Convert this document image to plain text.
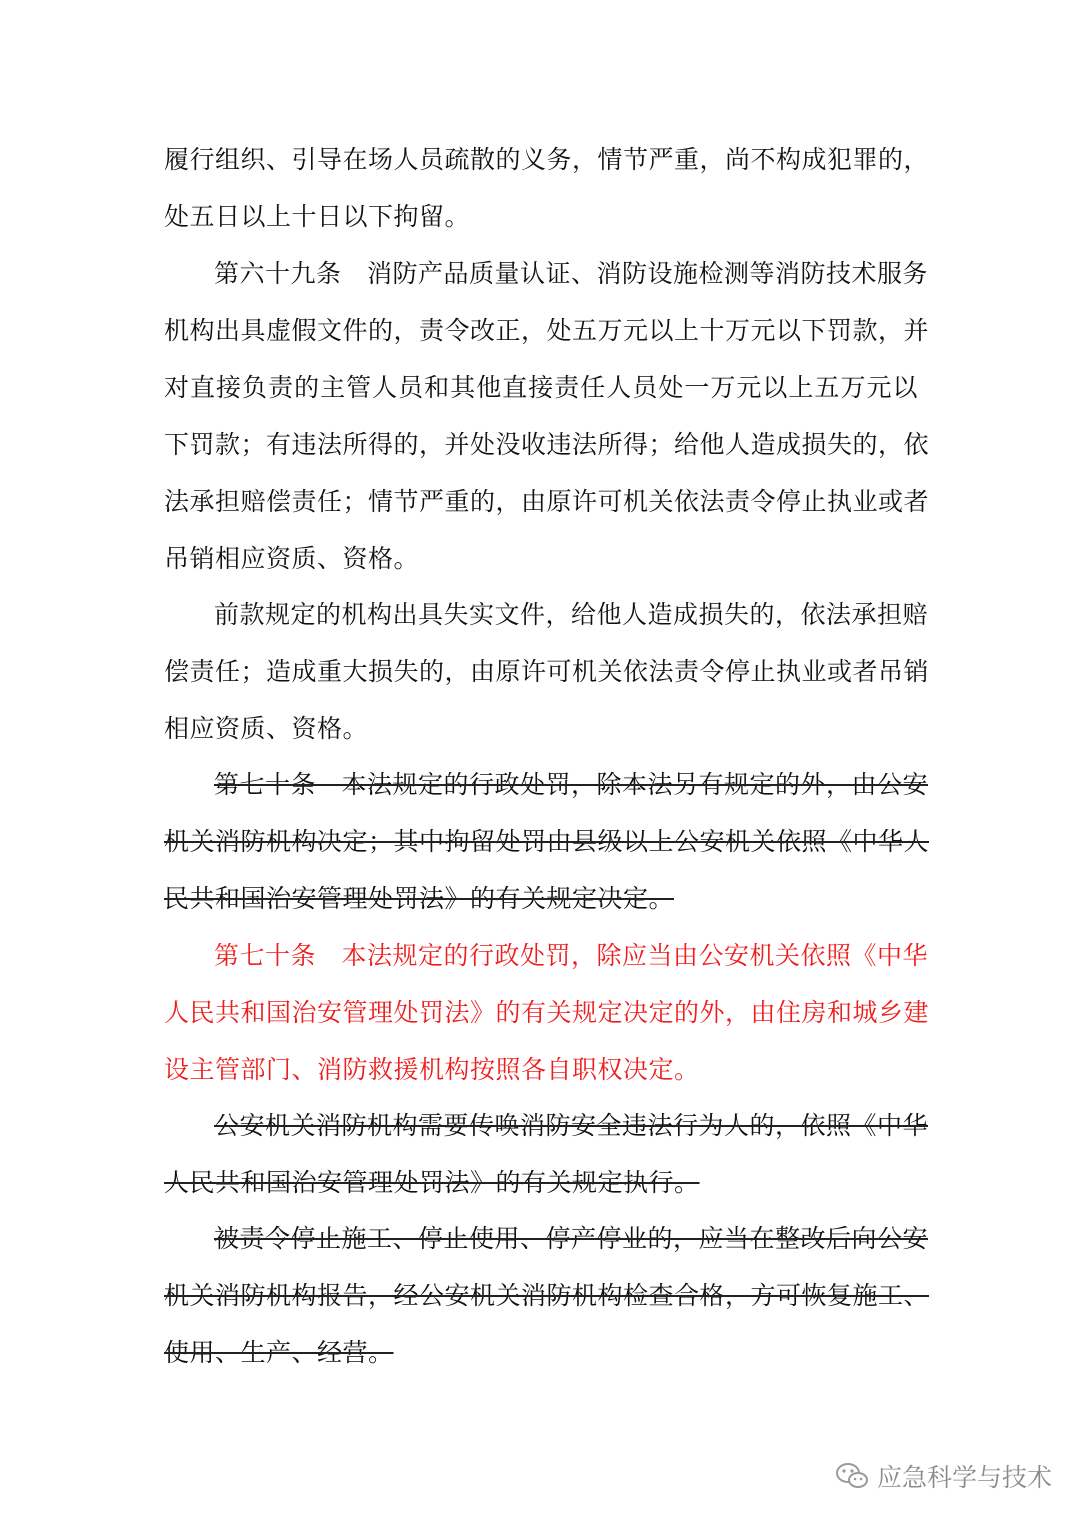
履行组织、引导在场人员疏散的义务，情节严重，尚不构成犯罪的，
处五日以上十日以下拘留。
第六十九条　消防产品质量认证、消防设施检测等消防技术服务
机构出具虚假文件的，责令改正，处五万元以上十万元以下罚款，并
对直接负责的主管人员和其他直接责任人员处一万元以上五万元以
下罚款；有违法所得的，并处没收违法所得；给他人造成损失的，依
法承担赔偿责任；情节严重的，由原许可机关依法责令停止执业或者
吊销相应资质、资格。
前款规定的机构出具失实文件，给他人造成损失的，依法承担赔
偿责任；造成重大损失的，由原许可机关依法责令停止执业或者吊销
相应资质、资格。
第七十条　本法规定的行政处罚，除本法另有规定的外，由公安
机关消防机构决定；其中拘留处罚由县级以上公安机关依照《中华人
民共和国治安管理处罚法》的有关规定决定。
第七十条　本法规定的行政处罚，除应当由公安机关依照《中华
人民共和国治安管理处罚法》的有关规定决定的外，由住房和城乡建
设主管部门、消防救援机构按照各自职权决定。
公安机关消防机构需要传唤消防安全违法行为人的，依照《中华
人民共和国治安管理处罚法》的有关规定执行。
被责令停止施工、停止使用、停产停业的，应当在整改后向公安
机关消防机构报告，经公安机关消防机构检查合格，方可恢复施工、
使用、生产、经营。
应急科学与技术
